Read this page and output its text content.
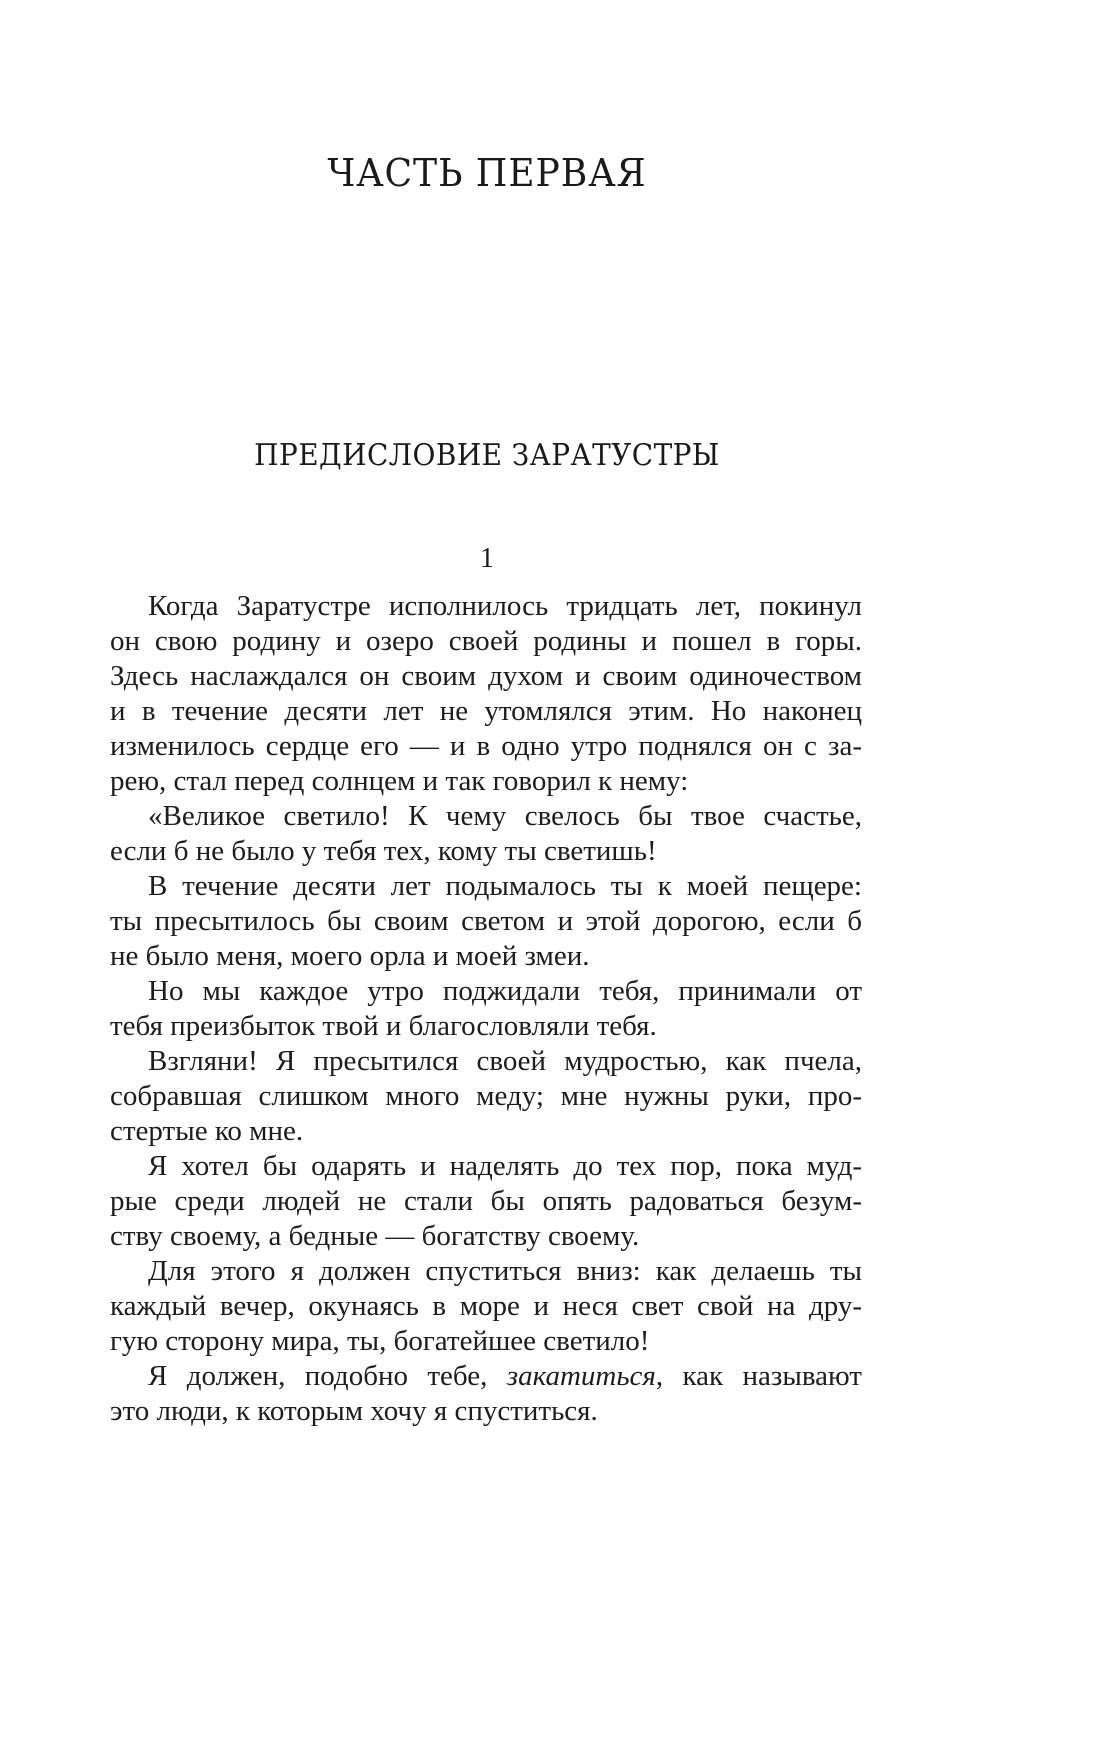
ЧАСТЬ ПЕРВАЯ
ПРЕДИСЛОВИЕ ЗАРАТУСТРЫ
1
Когда Заратустре исполнилось тридцать лет, покинул
он свою родину и озеро своей родины и пошел в горы.
Здесь наслаждался он своим духом и своим одиночеством
и в течение десяти лет не утомлялся этим. Но наконец
изменилось сердце его — и в одно утро поднялся он с за-
рею, стал перед солнцем и так говорил к нему:
«Великое светило! К чему свелось бы твое счастье,
если б не было у тебя тех, кому ты светишь!
В течение десяти лет подымалось ты к моей пещере:
ты пресытилось бы своим светом и этой дорогою, если б
не было меня, моего орла и моей змеи.
Но мы каждое утро поджидали тебя, принимали от
тебя преизбыток твой и благословляли тебя.
Взгляни! Я пресытился своей мудростью, как пчела,
собравшая слишком много меду; мне нужны руки, про-
стертые ко мне.
Я хотел бы одарять и наделять до тех пор, пока муд-
рые среди людей не стали бы опять радоваться безум-
ству своему, а бедные — богатству своему.
Для этого я должен спуститься вниз: как делаешь ты
каждый вечер, окунаясь в море и неся свет свой на дру-
гую сторону мира, ты, богатейшее светило!
Я должен, подобно тебе, закатиться, как называют
это люди, к которым хочу я спуститься.
